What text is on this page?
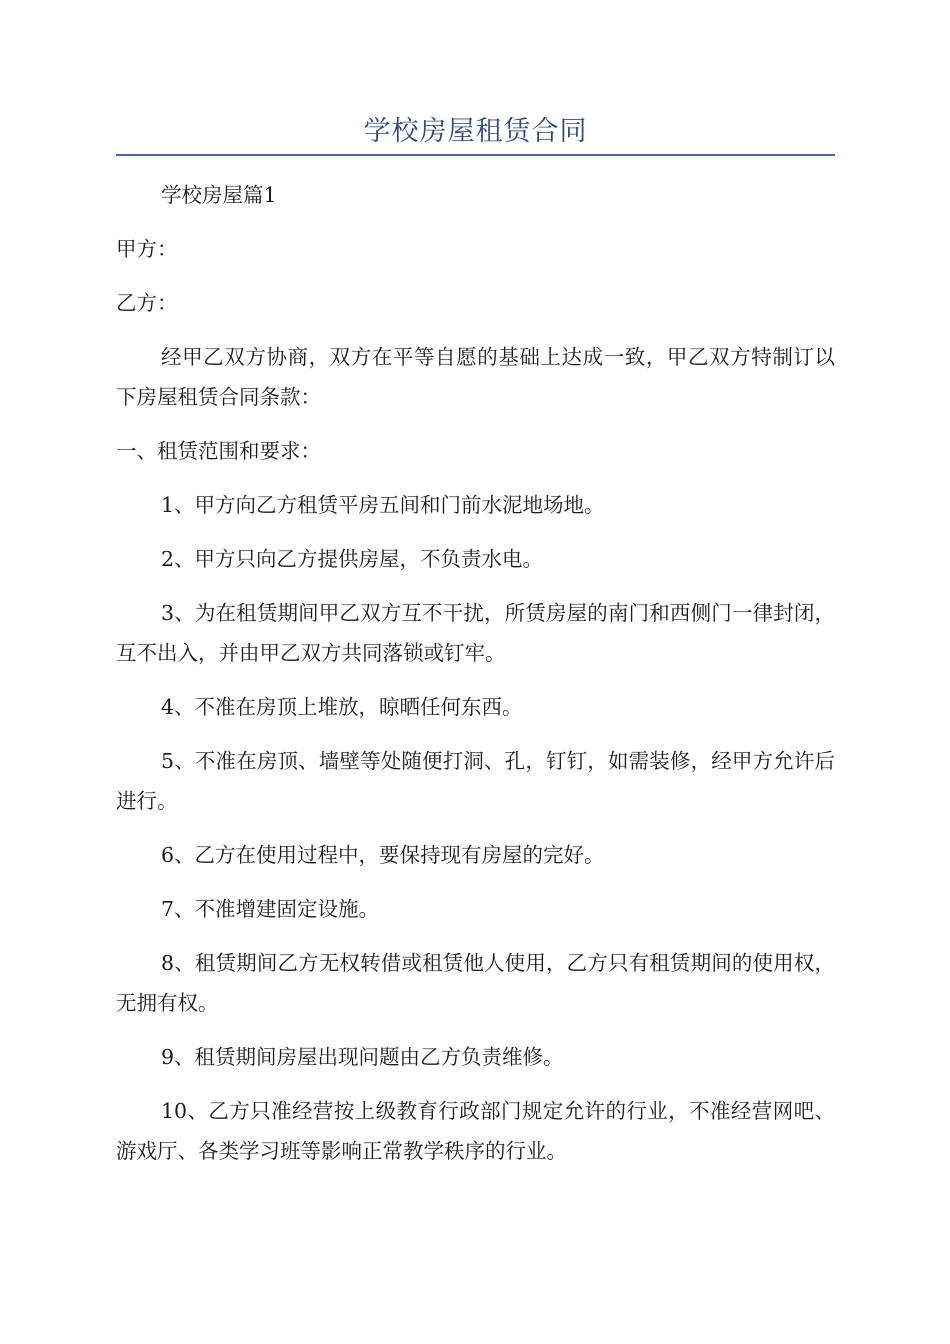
学校房屋租赁合同

学校房屋篇1

甲方：

乙方：

经甲乙双方协商，双方在平等自愿的基础上达成一致，甲乙双方特制订以下房屋租赁合同条款：

一、租赁范围和要求：

1、甲方向乙方租赁平房五间和门前水泥地场地。

2、甲方只向乙方提供房屋，不负责水电。

3、为在租赁期间甲乙双方互不干扰，所赁房屋的南门和西侧门一律封闭，互不出入，并由甲乙双方共同落锁或钉牢。

4、不准在房顶上堆放，晾晒任何东西。

5、不准在房顶、墙壁等处随便打洞、孔，钉钉，如需装修，经甲方允许后进行。

6、乙方在使用过程中，要保持现有房屋的完好。

7、不准增建固定设施。

8、租赁期间乙方无权转借或租赁他人使用，乙方只有租赁期间的使用权，无拥有权。

9、租赁期间房屋出现问题由乙方负责维修。

10、乙方只准经营按上级教育行政部门规定允许的行业，不准经营网吧、游戏厅、各类学习班等影响正常教学秩序的行业。
